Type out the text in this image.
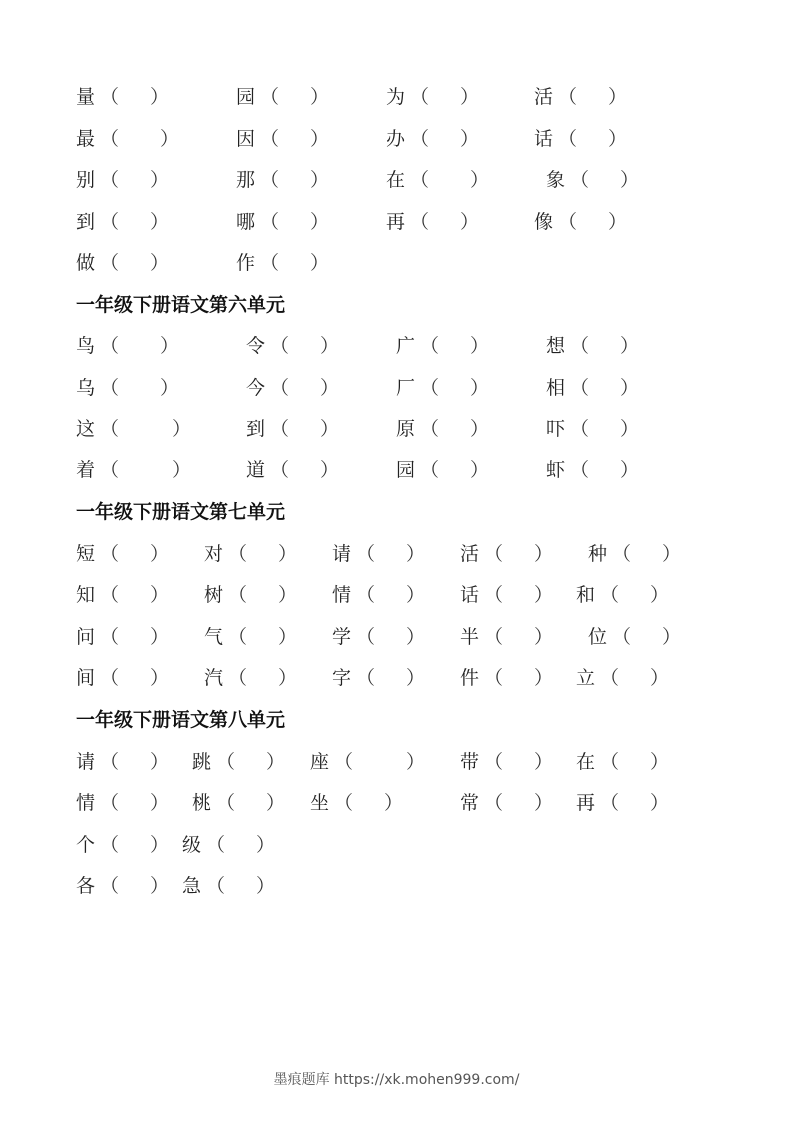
量 （ ）	园 （ ）	为 （ ）	活 （ ）
最 （ ）	因 （ ）	办 （ ）	话 （ ）
别 （ ）	那 （ ）	在 （ ）	象 （ ）
到 （ ）	哪 （ ）	再 （ ）	像 （ ）
做 （ ）	作 （ ）
一年级下册语文第六单元
鸟 （ ）	令 （ ）	广 （ ）	想 （ ）
乌 （ ）	今 （ ）	厂 （ ）	相 （ ）
这 （	）	到 （ ）	原 （ ）	吓 （ ）
着 （	）	道 （ ）	园 （ ）	虾 （ ）
一年级下册语文第七单元
短 （ ） 对 （ ） 请 （ ） 活 （ ） 种 （ ）
知 （ ） 树 （ ） 情 （ ） 话 （ ） 和 （ ）
问 （ ） 气 （ ） 学 （ ） 半 （ ） 位 （ ）
间 （ ） 汽 （ ） 字 （ ） 件 （ ） 立 （ ）
一年级下册语文第八单元
请 （ ） 跳 （ ） 座 （	） 带 （ ） 在 （ ）
情 （ ） 桃 （ ） 坐 （ ）	常 （ ） 再 （ ）
个 （ ） 级 （ ）
各 （ ） 急 （ ）
墨痕题库 https://xk.mohen999.com/
